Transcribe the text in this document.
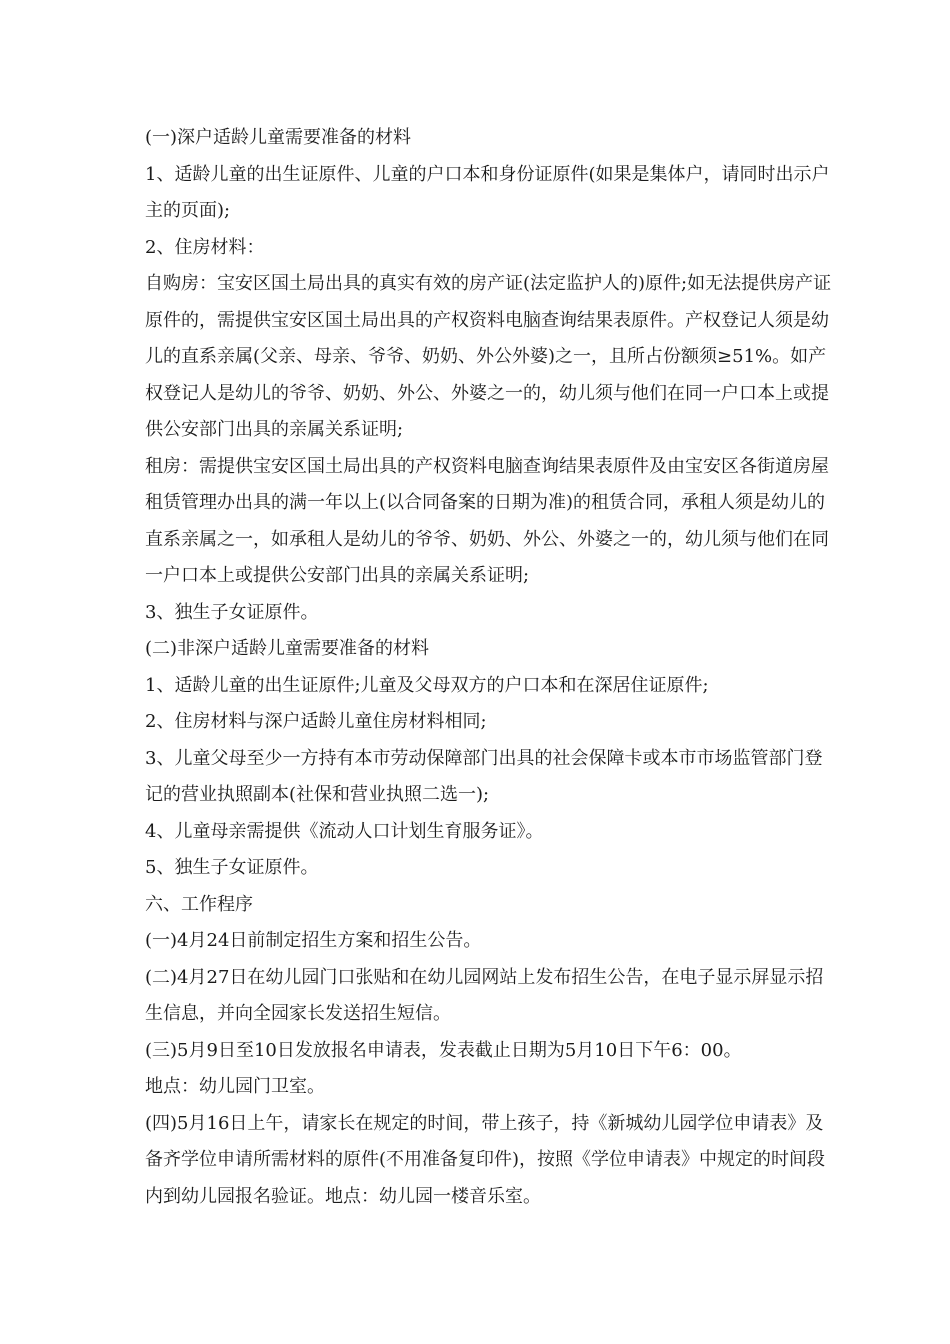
(一)深户适龄儿童需要准备的材料

1、适龄儿童的出生证原件、儿童的户口本和身份证原件(如果是集体户，请同时出示户主的页面);

2、住房材料：

自购房：宝安区国土局出具的真实有效的房产证(法定监护人的)原件;如无法提供房产证原件的，需提供宝安区国土局出具的产权资料电脑查询结果表原件。产权登记人须是幼儿的直系亲属(父亲、母亲、爷爷、奶奶、外公外婆)之一，且所占份额须≥51%。如产权登记人是幼儿的爷爷、奶奶、外公、外婆之一的，幼儿须与他们在同一户口本上或提供公安部门出具的亲属关系证明;

租房：需提供宝安区国土局出具的产权资料电脑查询结果表原件及由宝安区各街道房屋租赁管理办出具的满一年以上(以合同备案的日期为准)的租赁合同，承租人须是幼儿的直系亲属之一，如承租人是幼儿的爷爷、奶奶、外公、外婆之一的，幼儿须与他们在同一户口本上或提供公安部门出具的亲属关系证明;

3、独生子女证原件。

(二)非深户适龄儿童需要准备的材料

1、适龄儿童的出生证原件;儿童及父母双方的户口本和在深居住证原件;

2、住房材料与深户适龄儿童住房材料相同;

3、儿童父母至少一方持有本市劳动保障部门出具的社会保障卡或本市市场监管部门登记的营业执照副本(社保和营业执照二选一);

4、儿童母亲需提供《流动人口计划生育服务证》。

5、独生子女证原件。

六、工作程序

(一)4月24日前制定招生方案和招生公告。

(二)4月27日在幼儿园门口张贴和在幼儿园网站上发布招生公告，在电子显示屏显示招生信息，并向全园家长发送招生短信。

(三)5月9日至10日发放报名申请表，发表截止日期为5月10日下午6：00。

地点：幼儿园门卫室。

(四)5月16日上午，请家长在规定的时间，带上孩子，持《新城幼儿园学位申请表》及备齐学位申请所需材料的原件(不用准备复印件)，按照《学位申请表》中规定的时间段内到幼儿园报名验证。地点：幼儿园一楼音乐室。
